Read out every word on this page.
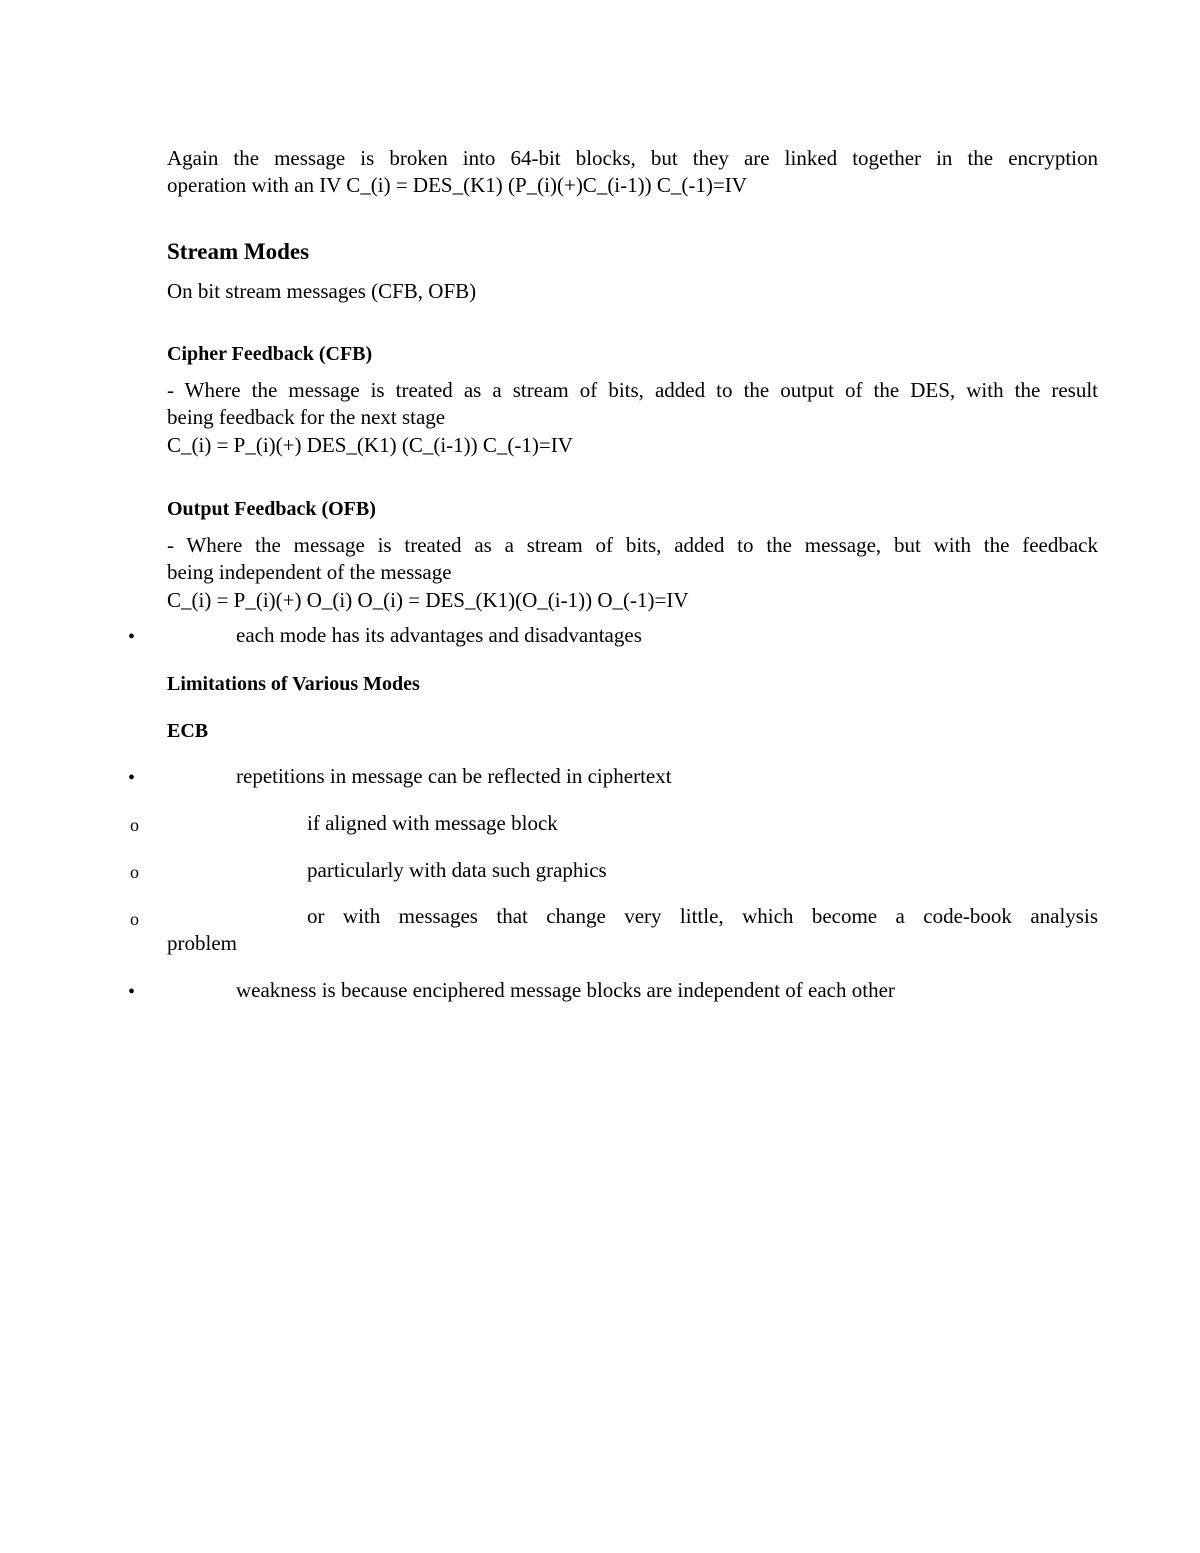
Again the message is broken into 64-bit blocks, but they are linked together in the encryption

operation with an IV C_(i) = DES_(K1) (P_(i)(+)C_(i-1)) C_(-1)=IV

Stream Modes

On bit stream messages (CFB, OFB)

Cipher Feedback (CFB)

- Where the message is treated as a stream of bits, added to the output of the DES, with the result

being feedback for the next stage

C_(i) = P_(i)(+) DES_(K1) (C_(i-1)) C_(-1)=IV

Output Feedback (OFB)

- Where the message is treated as a stream of bits, added to the message, but with the feedback

being independent of the message

C_(i) = P_(i)(+) O_(i) O_(i) = DES_(K1)(O_(i-1)) O_(-1)=IV

•	each mode has its advantages and disadvantages

Limitations of Various Modes

ECB

•	repetitions in message can be reflected in ciphertext

o	if aligned with message block

o	particularly with data such graphics

o	or with messages that change very little, which become a code-book analysis

problem

•	weakness is because enciphered message blocks are independent of each other
